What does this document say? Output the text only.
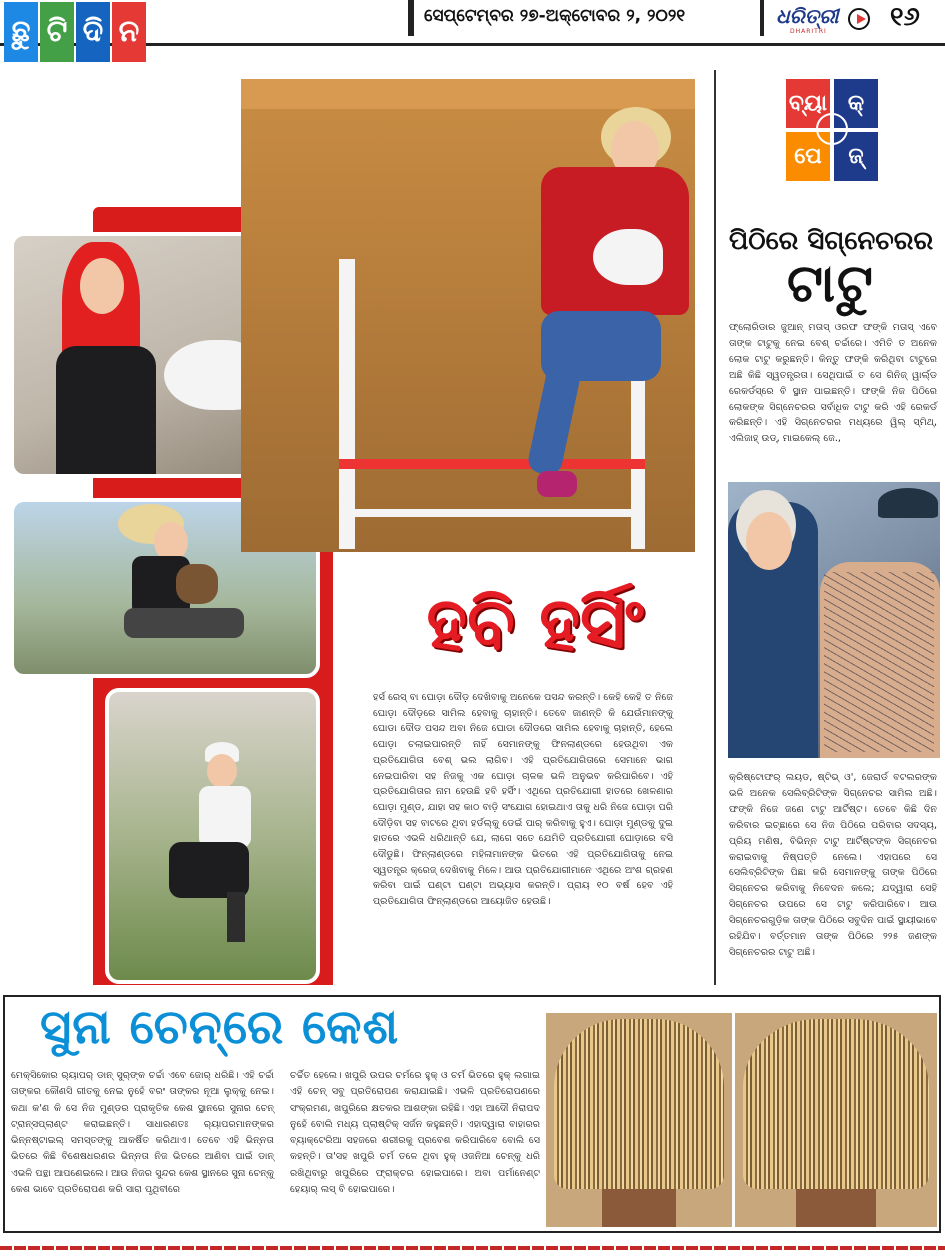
ଛୁ ଟି ଦି ନ	ସେପ୍ଟେମ୍ବର ୨୭-ଅକ୍ଟୋବର ୨, ୨୦୨୧	ଧରିତ୍ରୀ
DHARITRI ୧୬
ହବି ହର୍ସିଂ
ହର୍ସ ରେସ୍‌ ବା ଘୋଡ଼ା ଦୌଡ଼ ଦେଖିବାକୁ ଅନେକେ ପସନ୍ଦ କରନ୍ତି। କେହି କେହି ତ ନିଜେ ଘୋଡ଼ା ଦୌଡ଼ରେ ସାମିଲ ହେବାକୁ ଚାହାନ୍ତି। ତେବେ ଜାଣନ୍ତି କି ଯେଉଁମାନଙ୍କୁ ଘୋଡା ଦୌଡ ପସନ୍ଦ ଅବା ନିଜେ ଘୋଡା ଦୌଡରେ ସାମିଲ ହେବାକୁ ଚାହାନ୍ତି, ହେଲେ ଘୋଡ଼ା ଚଲାଇପାରନ୍ତି ନାହିଁ ସେମାନଙ୍କୁ ଫିନଲାଣ୍ଡରେ ହେଉଥିବା ଏକ ପ୍ରତିଯୋଗିତା ବେଶ୍‌ ଭଲ ଲାଗିବ। ଏହି ପ୍ରତିଯୋଗିତାରେ ସେମାନେ ଭାଗ ନେଇପାରିବା ସହ ନିଜକୁ ଏକ ଘୋଡ଼ା ଚାଳକ ଭଳି ଅନୁଭବ କରିପାରିବେ। ଏହି ପ୍ରତିଯୋଗିତାର ନାମ ହେଉଛି ହବି ହର୍ସିଂ। ଏଥିରେ ପ୍ରତିଯୋଗୀ ହାତରେ ଖେଳଣାର ଘୋଡ଼ା ମୁଣ୍ଡ, ଯାହା ସହ କାଠ ବାଡ଼ି ସଂଯୋଗ ହୋଇଥାଏ ତାକୁ ଧରି ନିଜେ ଘୋଡ଼ା ପରି ଦୌଡ଼ିବା ସହ ବାଟରେ ଥିବା ହର୍ଡଲ୍‌କୁ ଡେଇଁ ପାର୍‌ କରିବାକୁ ହୁଏ। ଘୋଡ଼ା ମୁଣ୍ଡକୁ ଦୁଇ ହାତରେ ଏଭଳି ଧରିଥାନ୍ତି ଯେ, ଲାଗେ ସତେ ଯେମିତି ପ୍ରତିଯୋଗୀ ଘୋଡ଼ାରେ ବସି ଦୌଡୁଛି। ଫିନ୍‌ଲାଣ୍ଡରେ ମହିଳାମାନଙ୍କ ଭିତରେ ଏହି ପ୍ରତିଯୋଗିତାକୁ ନେଇ ସ୍ୱତନ୍ତ୍ର କ୍ରେଜ୍‌ ଦେଖିବାକୁ ମିଳେ। ଆଉ ପ୍ରତିଯୋଗୀମାନେ ଏଥିରେ ଅଂଶ ଗ୍ରହଣ କରିବା ପାଇଁ ଘଣ୍ଟା ଘଣ୍ଟା ଅଭ୍ୟାସ କରନ୍ତି। ପ୍ରାୟ ୧୦ ବର୍ଷ ହେବ ଏହି ପ୍ରତିଯୋଗିତା ଫିନ୍‌ଲାଣ୍ଡରେ ଆୟୋଜିତ ହେଉଛି।
ବ୍ୟା କ୍
ପେ	ଜ୍
ପିଠିରେ ସିଗ୍ନେଚରର
ଟାଟୁ
ଫ୍ଲୋରିଡାର ଜୁଆନ୍‌ ମତାସ୍‌ ଓରଫ ଫଙ୍କି ମତାସ୍‌ ଏବେ ତାଙ୍କ ଟାଟୁକୁ ନେଇ ବେଶ୍‌ ଚର୍ଚ୍ଚାରେ। ଏମିତି ତ ଅନେକ ଲୋକ ଟାଟୁ କରୁଛନ୍ତି। କିନ୍ତୁ ଫଙ୍କି କରିଥିବା ଟାଟୁରେ ଅଛି କିଛି ସ୍ୱତନ୍ତ୍ରତା। ସେଥିପାଇଁ ତ ସେ ଗିନିଜ୍‌ ୱାର୍ଲ୍ଡ ରେକର୍ଡସ୍‌ରେ ବି ସ୍ଥାନ ପାଇଛନ୍ତି। ଫଙ୍କି ନିଜ ପିଠିରେ ଲୋକଙ୍କ ସିଗ୍ନେଚରର ସର୍ବାଧିକ ଟାଟୁ କରି ଏହି ରେକର୍ଡ କରିଛନ୍ତି। ଏହି ସିଗ୍ନେଚରର ମଧ୍ୟରେ ୱିଲ୍‌ ସ୍ମିଥ୍‌, ଏଲିଜାହ୍‌ ଉଡ୍‌, ମାଇକେଲ୍‌ ଜେ.,
କ୍ରିଷ୍ଟୋଫର୍‌ ଲୟଡ, ଷ୍ଟିଭ୍‌ ଓ', ଜେରାର୍ଡ ବଟଲରଙ୍କ ଭଳି ଅନେକ ସେଲିବ୍ରିଟିଙ୍କ ସିଗ୍ନେଚର ସାମିଲ ଅଛି। ଫଙ୍କି ନିଜେ ଜଣେ ଟାଟୁ ଆର୍ଟିଷ୍ଟ। ତେବେ କିଛି ଦିନ କରିବାର ଇଚ୍ଛାରେ ସେ ନିଜ ପିଠିରେ ପରିବାର ସଦସ୍ୟ, ପ୍ରିୟ ମଣିଷ, ବିଭିନ୍ନ ଟାଟୁ ଆର୍ଟିଷ୍ଟଙ୍କ ସିଗ୍ନେଚର କରାଇବାକୁ ନିଷ୍ପତ୍ତି ନେଲେ। ଏହାପରେ ସେ ସେଲିବ୍ରିଟିଙ୍କ ପିଛା କରି ସେମାନଙ୍କୁ ତାଙ୍କ ପିଠିରେ ସିଗ୍ନେଚର କରିବାକୁ ନିବେଦନ କଲେ; ଯଦ୍ୱାରା ସେହି ସିଗ୍ନେଚର ଉପରେ ସେ ଟାଟୁ କରିପାରିବେ। ଆଉ ସିଗ୍ନେଚରଗୁଡ଼ିକ ତାଙ୍କ ପିଠିରେ ସବୁଦିନ ପାଇଁ ସ୍ଥାୟୀଭାବେ ରହିଯିବ। ବର୍ତ୍ତମାନ ତାଙ୍କ ପିଠିରେ ୨୨୫ ଜଣଙ୍କ ସିଗ୍ନେଚରର ଟାଟୁ ଅଛି।
ସୁନା ଚେନ୍‌ରେ କେଶ
ମେକ୍ସିକୋର ର୍‍ୟାପର୍‌ ଡାନ୍‌ ସୁର୍‌ଙ୍କ ଚର୍ଚ୍ଚା ଏବେ ଜୋର୍‌ ଧରିଛି। ଏହି ଚର୍ଚ୍ଚା ତାଙ୍କର କୌଣସି ଗୀତକୁ ନେଇ ନୁହେଁ ବରଂ ତାଙ୍କର ନୂଆ ଲୁକ୍‌କୁ ନେଇ। କଥା କ'ଣ କି ସେ ନିଜ ମୁଣ୍ଡର ପ୍ରାକୃତିକ କେଶ ସ୍ଥାନରେ ସୁନାର ଚେନ୍‌ ଟ୍ରାନ୍ସପ୍ଲାଣ୍ଟ କରାଇଛନ୍ତି। ସାଧାରଣତଃ ର୍‍ୟାପରମାନଙ୍କର ଭିନ୍ନଷ୍ଟାଇଲ୍‌ ସମସ୍ତଙ୍କୁ ଆକର୍ଷିତ କରିଥାଏ। ତେବେ ଏହି ଭିନ୍ନତା ଭିତରେ କିଛି ବିଶେଷଧରଣର ଭିନ୍ନତା ନିଜ ଭିତରେ ଆଣିବା ପାଇଁ ଡାନ୍‌ ଏଭଳି ପନ୍ଥା ଆପଣେଇଲେ। ଆଉ ନିଜର ସୁନ୍ଦର କେଶ ସ୍ଥାନରେ ସୁନା ଚେନ୍‌କୁ କେଶ ଭାବେ ପ୍ରତିରୋପଣ କରି ସାରା ପୃଥିବୀରେ
ଚର୍ଚ୍ଚିତ ହେଲେ। ଖପୁରି ଉପର ଚର୍ମରେ ହୁକ୍‌ ଓ ଚର୍ମ ଭିତରେ ହୁକ୍‌ ଲଗାଇ ଏହି ଚେନ୍‌ ସବୁ ପ୍ରତିରୋପଣ କରାଯାଇଛି। ଏଭଳି ପ୍ରତିରୋପଣରେ ସଂକ୍ରମଣ, ଖପୁରିରେ କ୍ଷତକର ଆଶଙ୍କା ରହିଛି। ଏହା ଆଦୌ ନିରାପଦ ନୁହେଁ ବୋଲି ମଧ୍ୟ ପ୍ଲାଷ୍ଟିକ୍‌ ସର୍ଜନ କହୁଛନ୍ତି। ଏହାଦ୍ୱାରା ବାହାରର ବ୍ୟାକ୍ଟେରିଆ ସହଜରେ ଶରୀରକୁ ପ୍ରବେଶ କରିପାରିବେ ବୋଲି ସେ କହନ୍ତି। ତା'ସହ ଖପୁରି ଚର୍ମ ତଳେ ଥିବା ହୁକ୍‌ ଓଜନିଆ ଚେନ୍‌କୁ ଧରି ରଖିଥିବାରୁ ଖପୁରିରେ ଫ୍ରାକ୍ଚର ହୋଇପାରେ। ଅବା ପର୍ମାନେଣ୍ଟ ହେୟାର୍‌ ଲସ୍‌ ବି ହୋଇପାରେ।
